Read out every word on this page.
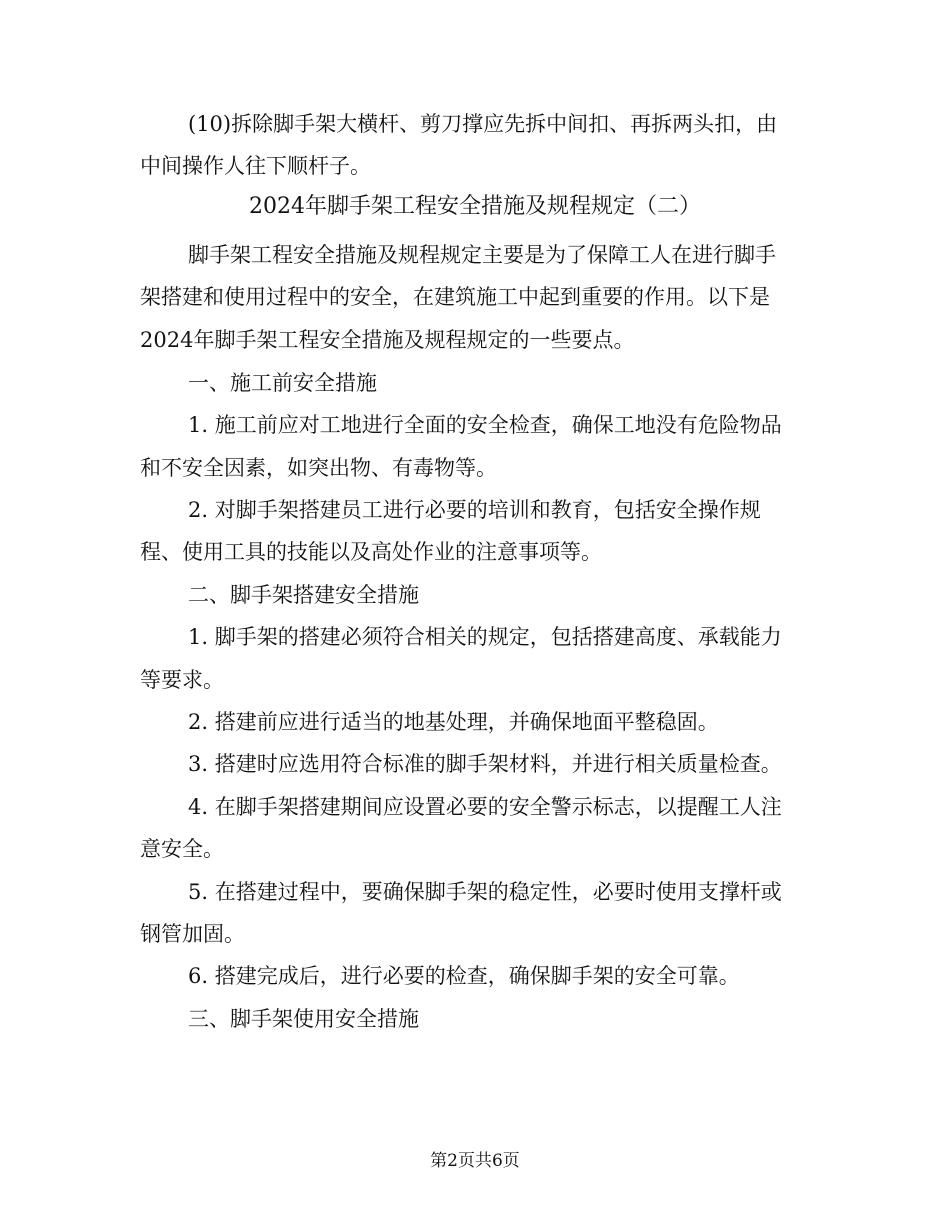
(10)拆除脚手架大横杆、剪刀撑应先拆中间扣、再拆两头扣，由
中间操作人往下顺杆子。
2024年脚手架工程安全措施及规程规定（二）
脚手架工程安全措施及规程规定主要是为了保障工人在进行脚手
架搭建和使用过程中的安全，在建筑施工中起到重要的作用。以下是
2024年脚手架工程安全措施及规程规定的一些要点。
一、施工前安全措施
1. 施工前应对工地进行全面的安全检查，确保工地没有危险物品
和不安全因素，如突出物、有毒物等。
2. 对脚手架搭建员工进行必要的培训和教育，包括安全操作规
程、使用工具的技能以及高处作业的注意事项等。
二、脚手架搭建安全措施
1. 脚手架的搭建必须符合相关的规定，包括搭建高度、承载能力
等要求。
2. 搭建前应进行适当的地基处理，并确保地面平整稳固。
3. 搭建时应选用符合标准的脚手架材料，并进行相关质量检查。
4. 在脚手架搭建期间应设置必要的安全警示标志，以提醒工人注
意安全。
5. 在搭建过程中，要确保脚手架的稳定性，必要时使用支撑杆或
钢管加固。
6. 搭建完成后，进行必要的检查，确保脚手架的安全可靠。
三、脚手架使用安全措施
第2页共6页
